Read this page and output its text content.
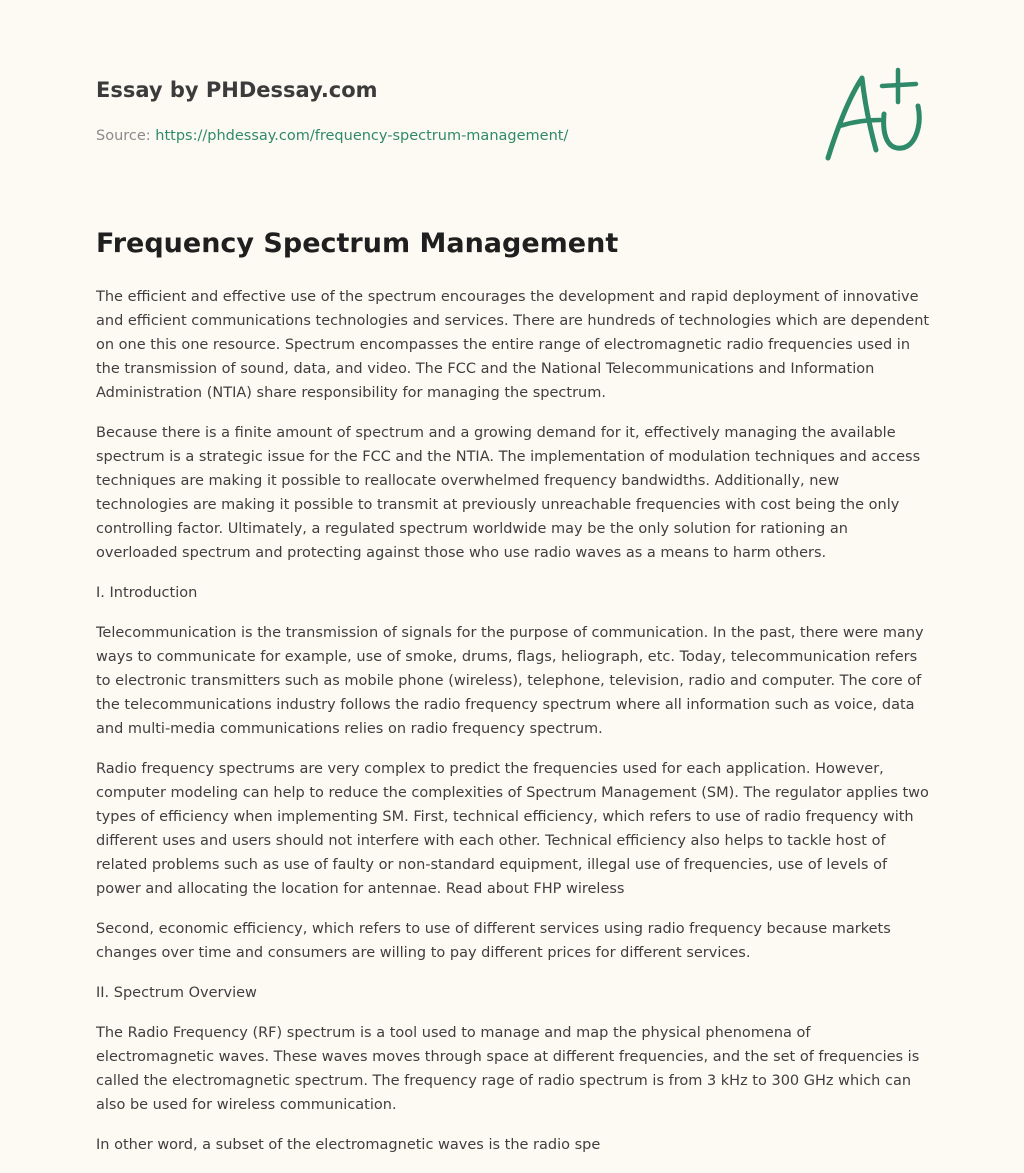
Essay by PHDessay.com
Source: https://phdessay.com/frequency-spectrum-management/
Frequency Spectrum Management

The efficient and effective use of the spectrum encourages the development and rapid deployment of innovative and efficient communications technologies and services. There are hundreds of technologies which are dependent on one this one resource. Spectrum encompasses the entire range of electromagnetic radio frequencies used in the transmission of sound, data, and video. The FCC and the National Telecommunications and Information Administration (NTIA) share responsibility for managing the spectrum.

Because there is a finite amount of spectrum and a growing demand for it, effectively managing the available spectrum is a strategic issue for the FCC and the NTIA. The implementation of modulation techniques and access techniques are making it possible to reallocate overwhelmed frequency bandwidths. Additionally, new technologies are making it possible to transmit at previously unreachable frequencies with cost being the only controlling factor. Ultimately, a regulated spectrum worldwide may be the only solution for rationing an overloaded spectrum and protecting against those who use radio waves as a means to harm others.

I. Introduction

Telecommunication is the transmission of signals for the purpose of communication. In the past, there were many ways to communicate for example, use of smoke, drums, flags, heliograph, etc. Today, telecommunication refers to electronic transmitters such as mobile phone (wireless), telephone, television, radio and computer. The core of the telecommunications industry follows the radio frequency spectrum where all information such as voice, data and multi-media communications relies on radio frequency spectrum.

Radio frequency spectrums are very complex to predict the frequencies used for each application. However, computer modeling can help to reduce the complexities of Spectrum Management (SM). The regulator applies two types of efficiency when implementing SM. First, technical efficiency, which refers to use of radio frequency with different uses and users should not interfere with each other. Technical efficiency also helps to tackle host of related problems such as use of faulty or non-standard equipment, illegal use of frequencies, use of levels of power and allocating the location for antennae. Read about FHP wireless

Second, economic efficiency, which refers to use of different services using radio frequency because markets changes over time and consumers are willing to pay different prices for different services.

II. Spectrum Overview

The Radio Frequency (RF) spectrum is a tool used to manage and map the physical phenomena of electromagnetic waves. These waves moves through space at different frequencies, and the set of frequencies is called the electromagnetic spectrum. The frequency rage of radio spectrum is from 3 kHz to 300 GHz which can also be used for wireless communication.

In other word, a subset of the electromagnetic waves is the radio spe
